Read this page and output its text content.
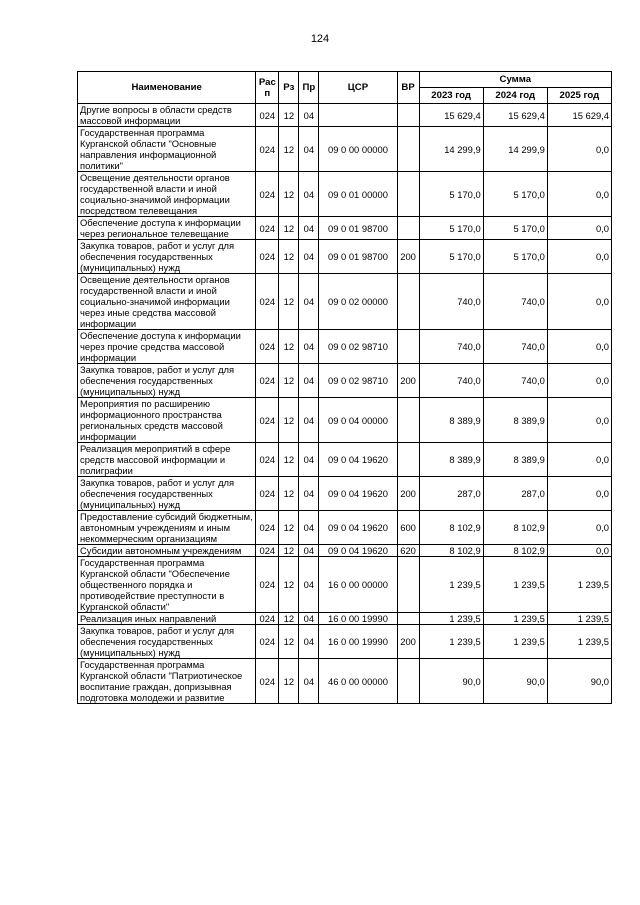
124
Наименование	Рас п	Рз	Пр	ЦСР	ВР	Сумма		
						2023 год	2024 год	2025 год
Другие вопросы в области средств массовой информации	024	12	04			15 629,4	15 629,4	15 629,4
Государственная программа Курганской области "Основные направления информационной политики"	024	12	04	09 0 00 00000		14 299,9	14 299,9	0,0
Освещение деятельности органов государственной власти и иной социально-значимой информации посредством телевещания	024	12	04	09 0 01 00000		5 170,0	5 170,0	0,0
Обеспечение доступа к информации через региональное телевещание	024	12	04	09 0 01 98700		5 170,0	5 170,0	0,0
Закупка товаров, работ и услуг для обеспечения государственных (муниципальных) нужд	024	12	04	09 0 01 98700	200	5 170,0	5 170,0	0,0
Освещение деятельности органов государственной власти и иной социально-значимой информации через иные средства массовой информации	024	12	04	09 0 02 00000		740,0	740,0	0,0
Обеспечение доступа к информации через прочие средства массовой информации	024	12	04	09 0 02 98710		740,0	740,0	0,0
Закупка товаров, работ и услуг для обеспечения государственных (муниципальных) нужд	024	12	04	09 0 02 98710	200	740,0	740,0	0,0
Мероприятия по расширению информационного пространства региональных средств массовой информации	024	12	04	09 0 04 00000		8 389,9	8 389,9	0,0
Реализация мероприятий в сфере средств массовой информации и полиграфии	024	12	04	09 0 04 19620		8 389,9	8 389,9	0,0
Закупка товаров, работ и услуг для обеспечения государственных (муниципальных) нужд	024	12	04	09 0 04 19620	200	287,0	287,0	0,0
Предоставление субсидий бюджетным, автономным учреждениям и иным некоммерческим организациям	024	12	04	09 0 04 19620	600	8 102,9	8 102,9	0,0
Субсидии автономным учреждениям	024	12	04	09 0 04 19620	620	8 102,9	8 102,9	0,0
Государственная программа Курганской области "Обеспечение общественного порядка и противодействие преступности в Курганской области"	024	12	04	16 0 00 00000		1 239,5	1 239,5	1 239,5
Реализация иных направлений	024	12	04	16 0 00 19990		1 239,5	1 239,5	1 239,5
Закупка товаров, работ и услуг для обеспечения государственных (муниципальных) нужд	024	12	04	16 0 00 19990	200	1 239,5	1 239,5	1 239,5
Государственная программа Курганской области "Патриотическое воспитание граждан, допризывная подготовка молодежи и развитие	024	12	04	46 0 00 00000		90,0	90,0	90,0
